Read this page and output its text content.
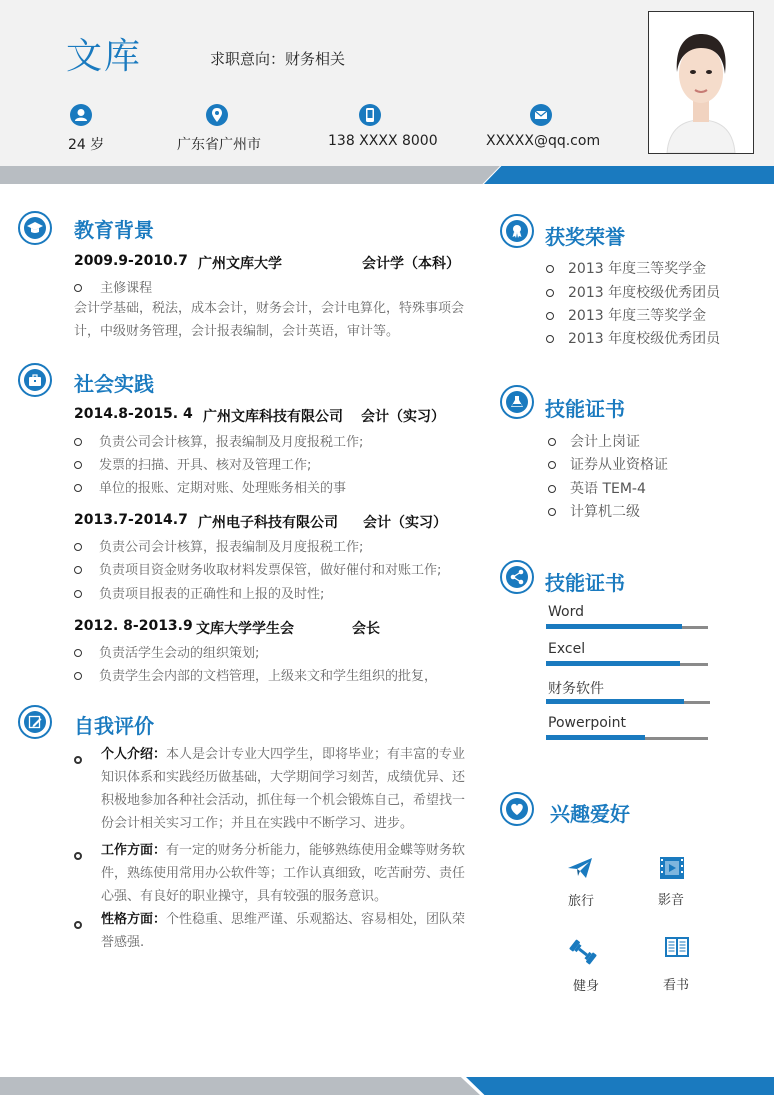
文库	求职意向：财务相关
24 岁	广东省广州市	138 XXXX 8000	XXXXX@qq.com
教育背景
2009.9-2010.7 广州文库大学	会计学（本科）
主修课程
会计学基础，税法，成本会计，财务会计，会计电算化，特殊事项会计，中级财务管理，会计报表编制，会计英语，审计等。
社会实践
2014.8-2015. 4 广州文库科技有限公司 会计（实习）
负责公司会计核算，报表编制及月度报税工作;
发票的扫描、开具、核对及管理工作;
单位的报账、定期对账、处理账务相关的事
2013.7-2014.7 广州电子科技有限公司 会计（实习）
负责公司会计核算，报表编制及月度报税工作;
负责项目资金财务收取材料发票保管，做好催付和对账工作;
负责项目报表的正确性和上报的及时性;
2012. 8-2013.9 文库大学学生会	会长
负责活学生会动的组织策划;
负责学生会内部的文档管理，上级来文和学生组织的批复，
自我评价
个人介绍：本人是会计专业大四学生，即将毕业；有丰富的专业知识体系和实践经历做基础，大学期间学习刻苦，成绩优异、还积极地参加各种社会活动，抓住每一个机会锻炼自己，希望找一份会计相关实习工作；并且在实践中不断学习、进步。
工作方面：有一定的财务分析能力，能够熟练使用金蝶等财务软件，熟练使用常用办公软件等；工作认真细致，吃苦耐劳、责任心强、有良好的职业操守，具有较强的服务意识。
性格方面：个性稳重、思维严谨、乐观豁达、容易相处，团队荣誉感强.
获奖荣誉
2013 年度三等奖学金
2013 年度校级优秀团员
2013 年度三等奖学金
2013 年度校级优秀团员
技能证书
会计上岗证
证券从业资格证
英语 TEM-4
计算机二级
技能证书
Word
Excel
财务软件
Powerpoint
兴趣爱好
旅行	影音
健身	看书
